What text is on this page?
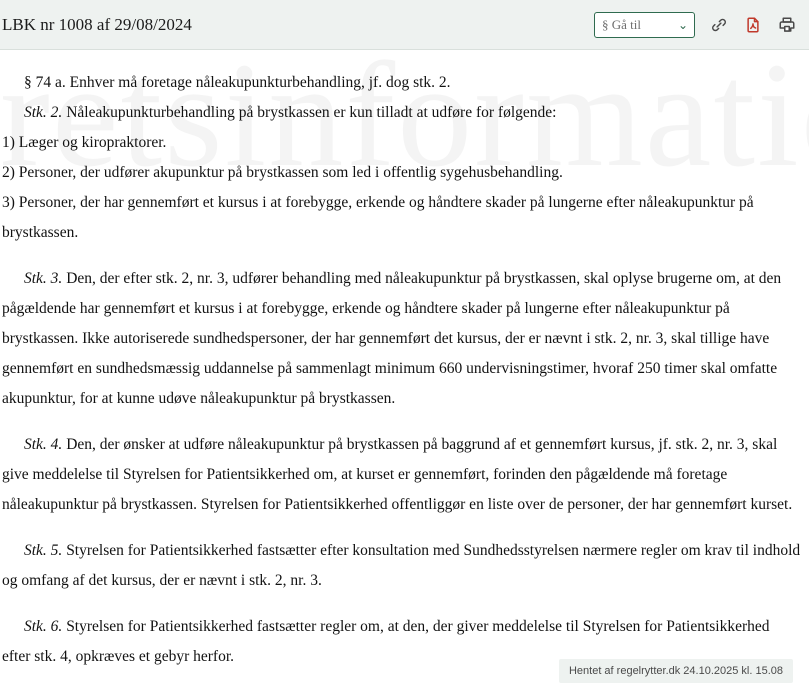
LBK nr 1008 af 29/08/2024
§ Gå til	⌄

§ 74 a. Enhver må foretage nåleakupunkturbehandling, jf. dog stk. 2.

Stk. 2. Nåleakupunkturbehandling på brystkassen er kun tilladt at udføre for følgende:

1) Læger og kiropraktorer.

2) Personer, der udfører akupunktur på brystkassen som led i offentlig sygehusbehandling.

3) Personer, der har gennemført et kursus i at forebygge, erkende og håndtere skader på lungerne efter nåleakupunktur på brystkassen.

Stk. 3. Den, der efter stk. 2, nr. 3, udfører behandling med nåleakupunktur på brystkassen, skal oplyse brugerne om, at den pågældende har gennemført et kursus i at forebygge, erkende og håndtere skader på lungerne efter nåleakupunktur på brystkassen. Ikke autoriserede sundhedspersoner, der har gennemført det kursus, der er nævnt i stk. 2, nr. 3, skal tillige have gennemført en sundhedsmæssig uddannelse på sammenlagt minimum 660 undervisningstimer, hvoraf 250 timer skal omfatte akupunktur, for at kunne udøve nåleakupunktur på brystkassen.

Stk. 4. Den, der ønsker at udføre nåleakupunktur på brystkassen på baggrund af et gennemført kursus, jf. stk. 2, nr. 3, skal give meddelelse til Styrelsen for Patientsikkerhed om, at kurset er gennemført, forinden den pågældende må foretage nåleakupunktur på brystkassen. Styrelsen for Patientsikkerhed offentliggør en liste over de personer, der har gennemført kurset.

Stk. 5. Styrelsen for Patientsikkerhed fastsætter efter konsultation med Sundhedsstyrelsen nærmere regler om krav til indhold og omfang af det kursus, der er nævnt i stk. 2, nr. 3.

Stk. 6. Styrelsen for Patientsikkerhed fastsætter regler om, at den, der giver meddelelse til Styrelsen for Patientsikkerhed efter stk. 4, opkræves et gebyr herfor.

Hentet af regelrytter.dk 24.10.2025 kl. 15.08
